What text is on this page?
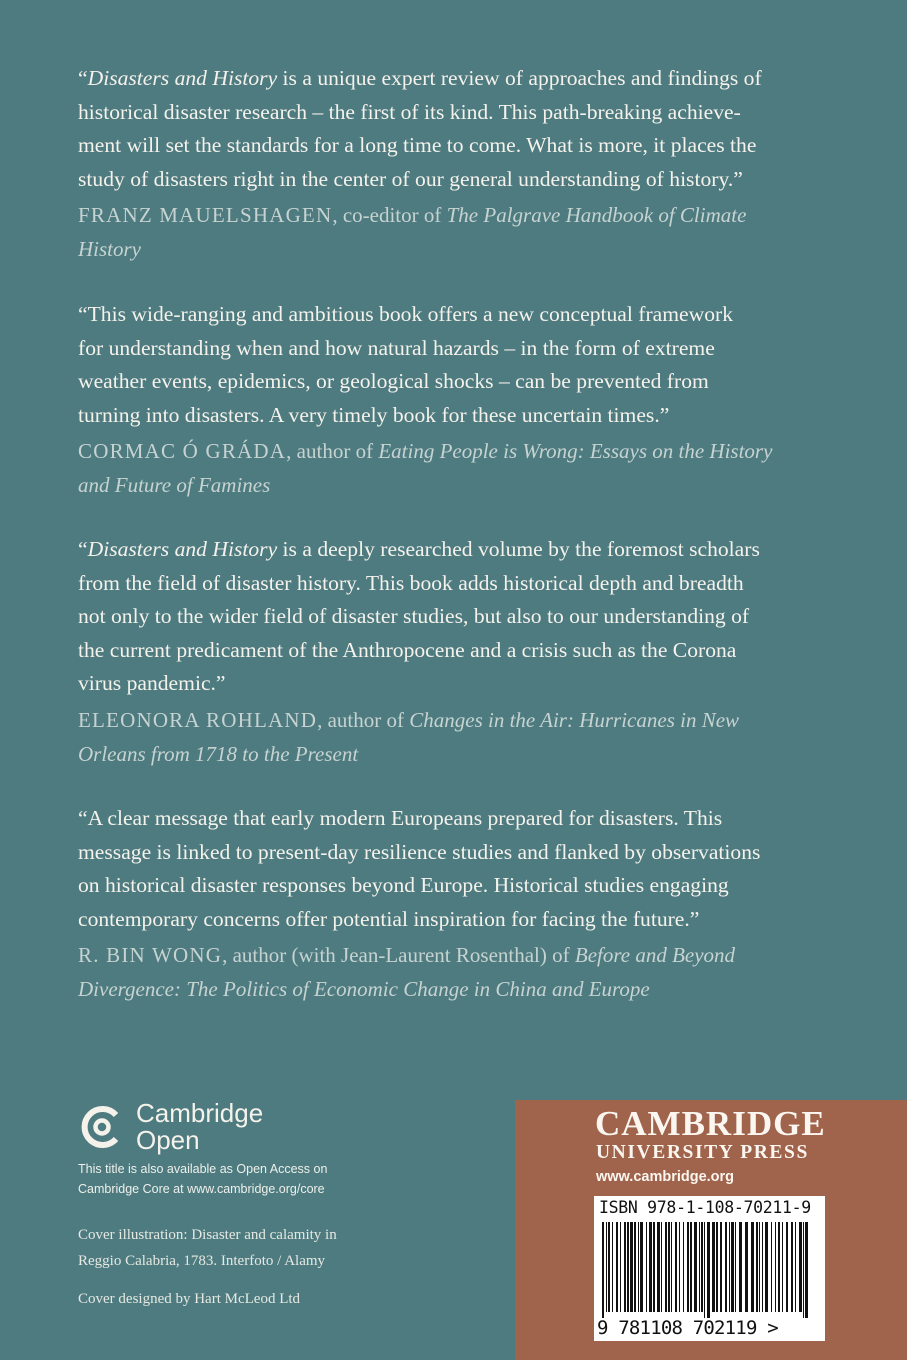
“Disasters and History is a unique expert review of approaches and findings of
historical disaster research – the first of its kind. This path-breaking achieve-
ment will set the standards for a long time to come. What is more, it places the
study of disasters right in the center of our general understanding of history.”

FRANZ MAUELSHAGEN, co-editor of The Palgrave Handbook of Climate
History

“This wide-ranging and ambitious book offers a new conceptual framework
for understanding when and how natural hazards – in the form of extreme
weather events, epidemics, or geological shocks – can be prevented from
turning into disasters. A very timely book for these uncertain times.”

CORMAC Ó GRÁDA, author of Eating People is Wrong: Essays on the History
and Future of Famines

“Disasters and History is a deeply researched volume by the foremost scholars
from the field of disaster history. This book adds historical depth and breadth
not only to the wider field of disaster studies, but also to our understanding of
the current predicament of the Anthropocene and a crisis such as the Corona
virus pandemic.”

ELEONORA ROHLAND, author of Changes in the Air: Hurricanes in New
Orleans from 1718 to the Present

“A clear message that early modern Europeans prepared for disasters. This
message is linked to present-day resilience studies and flanked by observations
on historical disaster responses beyond Europe. Historical studies engaging
contemporary concerns offer potential inspiration for facing the future.”

R. BIN WONG, author (with Jean-Laurent Rosenthal) of Before and Beyond
Divergence: The Politics of Economic Change in China and Europe

Cambridge
Open
This title is also available as Open Access on
Cambridge Core at www.cambridge.org/core

Cover illustration: Disaster and calamity in

Reggio Calabria, 1783. Interfoto / Alamy

Cover designed by Hart McLeod Ltd

CAMBRIDGE
UNIVERSITY PRESS
www.cambridge.org
ISBN 978-1-108-70211-9
9 781108 702119 >
